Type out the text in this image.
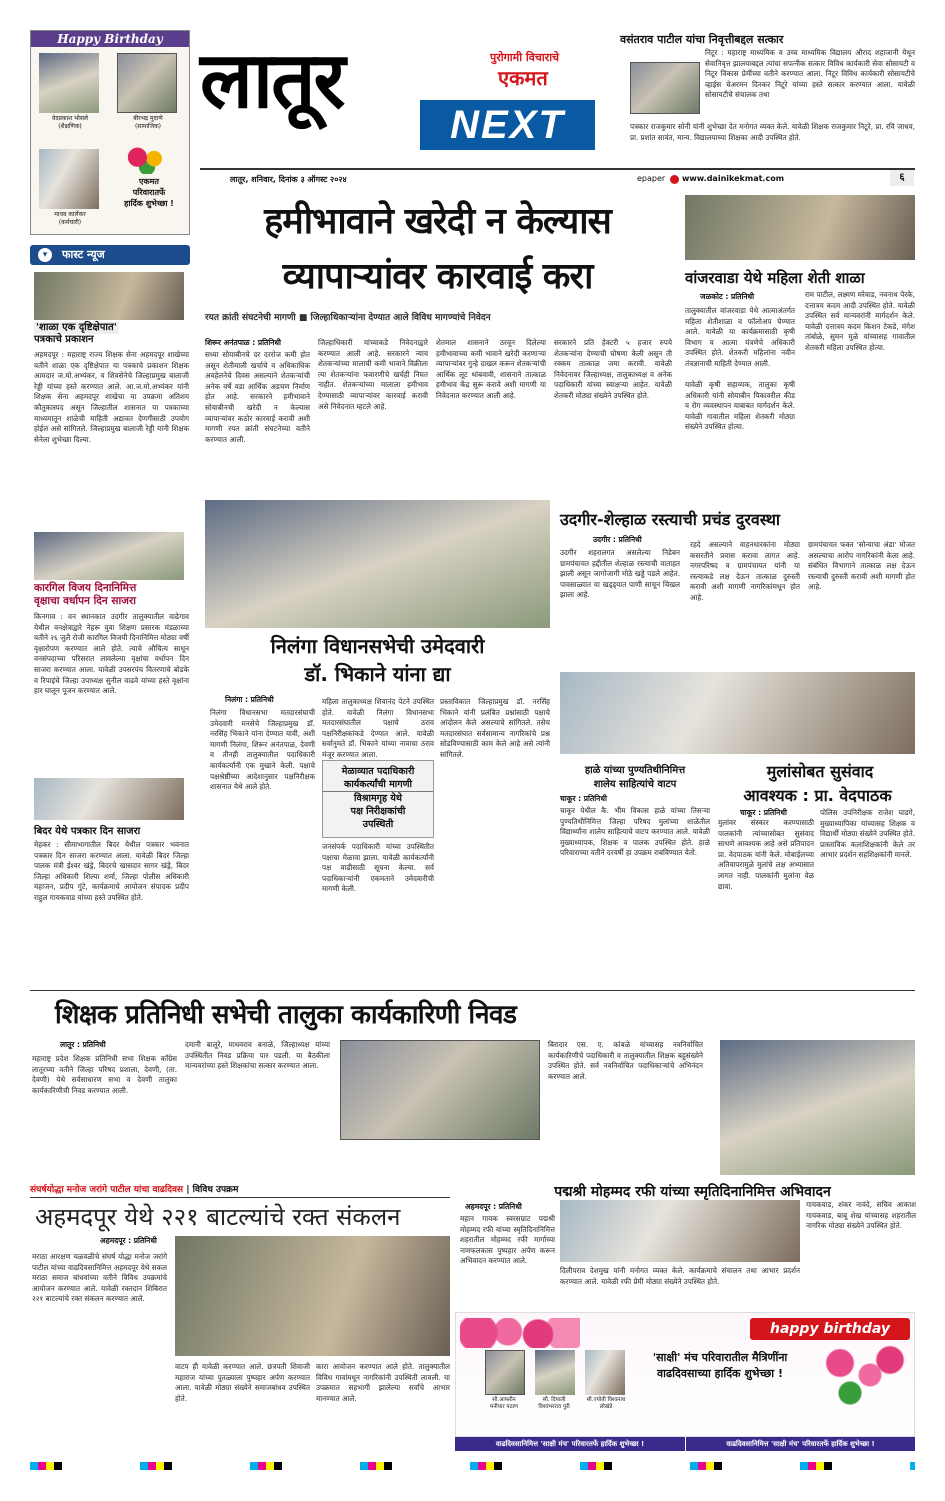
Happy Birthday
वेदप्रकाश भोसले
(शैक्षणिक)
बीरभद्र मुदाणे
(सामाजिक)
माधव कार्लेकर
(कर्मचारी)
एकमत
परिवारातर्फे
हार्दिक शुभेच्छा !
▾	फास्ट न्यूज
'शाळा एक दृष्टिक्षेपात'
पत्रकाचे प्रकाशन
अहमदपूर : महाराष्ट्र राज्य शिक्षक सेना अहमदपूर शाखेच्या वतीने शाळा एक दृष्टिक्षेपात या पत्रकाचे प्रकाशन शिक्षक आमदार ज.मो.अभ्यंकर, व शिवसेनेचे जिल्हाप्रमुख बालाजी रेड्डी यांच्या हस्ते करण्यात आले. आ.ज.मो.अभ्यंकर यांनी शिक्षक सेना अहमदपूर शाखेचा या उपक्रमा अतिशय कौतुकास्पद असून जिल्हातील शासनात या पत्रकाच्या माध्यमातून शाळेची माहिती अद्यावत देणगीसाठी उपयोग होईल असे सांगितले. जिल्हाप्रमुख बालाजी रेड्डी यांनी शिक्षक सेनेला शुभेच्छा दिल्या.
कारगिल विजय दिनानिमित्त
वृक्षाचा वर्धापन दिन साजरा
किनगाव : वन स्थानकात उदगीर तालुक्यातील वाढेगाव येथील वनक्षेत्राद्वारे नेहरू युवा शिक्षण प्रसारक मंडळाच्या वतीने २६ जुलै रोजी कारगिल विजयी दिनानिमित्त मोठ्या वर्षी वृक्षारोपण करण्यात आले होते. त्याचे औचित्य साधून वनसंपदाच्या परिसरात लावलेल्या वृक्षांचा वर्धापन दिन साजरा करण्यात आला. यावेळी उपसरपंच वितरणाचे बोडके व रिपाइंचे जिल्हा उपाध्यक्ष सुनील वाढवे यांच्या हस्ते वृक्षांना हार घालून पूजन करण्यात आले.
बिदर येथे पत्रकार दिन साजरा
मेहकर : सीमाभागातील बिदर येथील पत्रकार भवनात पत्रकार दिन साजरा करण्यात आला. यावेळी बिदर जिल्हा पालक मंत्री ईश्वर खंड्रे, बिदरचे खासदार सागर खंड्रे, बिदर जिल्हा अधिकारी शिल्पा शर्मा, जिल्हा पोलीस अधिकारी महाजन, प्रदीप गुंटे, कार्यक्रमाचे आयोजन संपादक प्रदीप राहुल गायकवाड यांच्या हस्ते उपस्थित होते.
लातूर	पुरोगामी विचाराचे
एकमत
NEXT
लातूर, शनिवार, दिनांक ३ ऑगस्ट २०२४	epaper www.dainikekmat.com	६
वसंतराव पाटील यांचा निवृत्तीबद्दल सत्कार
निटूर : महाराष्ट्र माध्यमिक व उच्च माध्यमिक विद्यालय औराद शहाजानी येथून सेवानिवृत्त झालयाबद्दल त्यांचा सपत्नीक सत्कार विविध कार्यकारी सेवा सोसायटी व निटूर विकास प्रेमींच्या वतीने करण्यात आला. निटूर विविध कार्यकारी सोसायटीचे व्हाईस चेअरमन दिनकर निटूरे यांच्या हस्ते सत्कार करण्यात आला. यावेळी सोसायटीचे संचालक तथा
पत्रकार राजकुमार सोनी यांनी शुभेच्छा देत मनोगत व्यक्त केले. यावेळी शिक्षक राजकुमार निटूरे, प्रा. रवि जाधव, प्रा. प्रशांत सावंत, मान्य. विद्यालयाच्या शिक्षका आदी उपस्थित होते.
हमीभावाने खरेदी न केल्यास
व्यापाऱ्यांवर कारवाई करा
रयत क्रांती संघटनेची मागणी ■ जिल्हाधिकाऱ्यांना देण्यात आले विविध मागण्यांचे निवेदन
शिरूर अनंतपाळ : प्रतिनिधी
सध्या सोयाबीनचे दर दररोज कमी होत असून शेतीमाली खर्चाचे व अधिकाधिक अवहेलनेचे दिवस असल्याने शेतकऱ्यांची अनेक वर्षे वडा आर्थिक अडचण निर्माण होत आहे. सरकारने हमीभावाने सोयाबीनची खरेदी न केल्यास व्यापाऱ्यांवर कठोर कारवाई करावी अशी मागणी रयत क्रांती संघटनेच्या वतीने करण्यात आली.
जिल्हाधिकारी यांच्याकडे निवेदनाद्वारे करण्यात आली आहे. सरकारने न्याय शेतकऱ्यांच्या मालाची कमी भावाने विक्रीला त्या शेतकऱ्यांना फवारणीचे खर्चही निघत नाहीत. शेतकऱ्यांच्या मालाला हमीभाव देण्यासाठी व्यापाऱ्यांवर कारवाई करावी असे निवेदनात म्हटले आहे.
शेतमाल शासनाने ठरवून दिलेल्या हमीभावाच्या कमी भावाने खरेदी करणाऱ्या व्यापाऱ्यांवर गुन्हे दाखल करून शेतकऱ्यांची आर्थिक लूट थांबवावी, शासनाने तात्काळ हमीभाव केंद्र सुरू करावे अशी मागणी या निवेदनात करण्यात आली आहे.
सरकारने प्रति हेक्टरी ५ हजार रुपये शेतकऱ्यांना देण्याची घोषणा केली असून ती रक्कम तात्काळ जमा करावी. यावेळी निवेदनावर जिल्हाध्यक्ष, तालुकाध्यक्ष व अनेक पदाधिकारी यांच्या स्वाक्षऱ्या आहेत. यावेळी शेतकरी मोठ्या संख्येने उपस्थित होते.
वांजरवाडा येथे महिला शेती शाळा
जळकोट : प्रतिनिधी
तालुक्यातील वांजरवाडा येथे आत्माअंतर्गत महिला शेतीशाळा व फॉलोअप घेण्यात आले. यावेळी या कार्यक्रमासाठी कृषी विभाग व आत्मा यंत्रणेचे अधिकारी उपस्थित होते. शेतकरी महिलांना नवीन तंत्रज्ञानाची माहिती देण्यात आली.
यावेळी कृषी सहाय्यक, तालुका कृषी अधिकारी यांनी सोयाबीन पिकावरील कीड व रोग व्यवस्थापन याबाबत मार्गदर्शन केले. यावेळी गावातील महिला शेतकरी मोठ्या संख्येने उपस्थित होत्या.
राम पाटील, लक्ष्मण मरेवाड, नवनाथ पेरके, दत्तात्रय कदम आदी उपस्थित होते. यावेळी उपस्थित सर्व मान्यवरांनी मार्गदर्शन केले. यावेळी दत्तात्रय कदम किशन टेकडे, मंगेश तांबोळे, सुमन मुळे यांच्यासह गावातील शेतकरी महिला उपस्थित होत्या.
निलंगा विधानसभेची उमेदवारी
डॉ. भिकाने यांना द्या
निलंगा : प्रतिनिधी
निलंगा विधानसभा मतदारसंघाची उमेदवारी मनसेचे जिल्हाप्रमुख डॉ. नरसिंह भिकाने यांना देण्यात यावी, अशी मागणी निलंगा, शिरूर अनंतपाळ, देवणी व तीनही तालुक्यातील पदाधिकारी कार्यकर्त्यांनी एक मुखाने केली. पक्षाचे पक्षश्रेष्ठींच्या आदेशानुसार पक्षनिरीक्षक शासनात येथे आले होते.
महिला तालुकाध्यक्ष शिवानंद पेटने उपस्थित होते. यावेळी निलंगा विधानसभा मतदारसंघातील पक्षाचे ठराव पक्षनिरीक्षकांकडे देण्यात आले. यावेळी सर्वानुमते डॉ. भिकाने यांच्या नावाचा ठराव मंजूर करण्यात आला.
मेळाव्यात पदाधिकारी
कार्यकर्त्यांची मागणी
विश्रामगृह येथे
पक्ष निरीक्षकांची
उपस्थिती
जनसंपर्क पदाधिकारी यांच्या उपस्थितीत पक्षाचा मेळावा झाला. यावेळी कार्यकर्त्यांनी पक्ष वाढीसाठी सूचना केल्या. सर्व पदाधिकाऱ्यांनी एकमताने उमेदवारीची मागणी केली.
प्रस्ताविकात जिल्हाप्रमुख डॉ. नरसिंह भिकाने यांनी प्रलंबित प्रश्नांसाठी पक्षाचे आंदोलन केले असल्याचे सांगितले. तसेच मतदारसंघात सर्वसामान्य नागरिकांचे प्रश्न सोडविण्यासाठी काम केले आहे असे त्यांनी सांगितले.
उदगीर-शेल्हाळ रस्त्याची प्रचंड दुरवस्था
उदगीर : प्रतिनिधी
उदगीर शहरालगत असलेल्या निडेबन ग्रामपंचायत हद्दीतील शेल्हाळ रस्त्याची वाताहत झाली असून जागोजागी मोठे खड्डे पडले आहेत. पावसाळ्यात या खड्ड्यात पाणी साचून चिखल झाला आहे.
रहदे असल्याने वाहनधारकांना मोठ्या कसरतीने प्रवास करावा लागत आहे. नगरपरिषद व ग्रामपंचायत यांनी या रस्त्याकडे लक्ष देऊन तात्काळ दुरुस्ती करावी अशी मागणी नागरिकांमधून होत आहे.
ग्रामपंचायत फक्त 'सोन्याचा अंडा' मोजत असल्याचा आरोप नागरिकांनी केला आहे. संबंधित विभागाने तात्काळ लक्ष देऊन रस्त्याची दुरुस्ती करावी अशी मागणी होत आहे.
हाळे यांच्या पुण्यतिथीनिमित्त
शालेय साहित्यांचे वाटप
चाकूर : प्रतिनिधी
चाकूर येथील कै. भीम विकास हाळे यांच्या तिसऱ्या पुण्यतिथीनिमित्त जिल्हा परिषद मुलांच्या शाळेतील विद्यार्थ्यांना शालेय साहित्याचे वाटप करण्यात आले. यावेळी मुख्याध्यापक, शिक्षक व पालक उपस्थित होते. हाळे परिवाराच्या वतीने दरवर्षी हा उपक्रम राबविण्यात येतो.
मुलांसोबत सुसंवाद
आवश्यक : प्रा. वेदपाठक
चाकूर : प्रतिनिधी
मुलांवर संस्कार करण्यासाठी पालकांनी त्यांच्यासोबत सुसंवाद साधणे आवश्यक आहे असे प्रतिपादन प्रा. वेदपाठक यांनी केले. मोबाईलच्या अतिवापरामुळे मुलांचे लक्ष अभ्यासात लागत नाही. पालकांनी मुलांना वेळ द्यावा.
पोलिस उपनिरीक्षक राजेश घाडगे, मुख्याध्यापिका यांच्यासह शिक्षक व विद्यार्थी मोठ्या संख्येने उपस्थित होते. प्रास्ताविक कलाशिक्षकांनी केले तर आभार प्रदर्शन सहशिक्षकांनी मानले.
शिक्षक प्रतिनिधी सभेची तालुका कार्यकारिणी निवड
लातूर : प्रतिनिधी
महाराष्ट्र प्रदेश शिक्षक प्रतिनिधी सभा शिक्षक कॉंग्रेस लातूरच्या वतीने जिल्हा परिषद प्रशाला, देवणी, (ता. देवणी) येथे सर्वसाधारण सभा व देवणी तालुका कार्यकारिणीची निवड करण्यात आली.
दमानी बालूरे, माधवराव बनाळे, जिल्हाध्यक्ष यांच्या उपस्थितीत निवड प्रक्रिया पार पडली. या बैठकीला मान्यवरांच्या हस्ते शिक्षकांचा सत्कार करण्यात आला.
बिरादार एस. ए. कांबळे यांच्यासह नवनिर्वाचित कार्यकारिणीचे पदाधिकारी व तालुक्यातील शिक्षक बहुसंख्येने उपस्थित होते. सर्व नवनिर्वाचित पदाधिकाऱ्यांचे अभिनंदन करण्यात आले.
संघर्षयोद्धा मनोज जरांगे पाटील यांचा वाढदिवस | विविध उपक्रम
अहमदपूर येथे २२१ बाटल्यांचे रक्त संकलन
अहमदपूर : प्रतिनिधी
मराठा आरक्षण चळवळीचे संघर्ष योद्धा मनोज जरांगे पाटील यांच्या वाढदिवसानिमित्त अहमदपूर येथे सकल मराठा समाज बांधवांच्या वतीने विविध उपक्रमांचे आयोजन करण्यात आले. यावेळी रक्तदान शिबिरात २२१ बाटल्यांचे रक्त संकलन करण्यात आले.
वाटप ही यावेळी करण्यात आले. छत्रपती शिवाजी महाराज यांच्या पुतळ्याला पुष्पहार अर्पण करण्यात आला. यावेळी मोठ्या संख्येने समाजबांधव उपस्थित होते.
कारा आयोजन करण्यात आले होते. तालुक्यातील विविध गावांमधून नागरिकांनी उपस्थिती लावली. या उपक्रमात सहभागी झालेल्या सर्वांचे आभार मानण्यात आले.
पद्मश्री मोहम्मद रफी यांच्या स्मृतिदिनानिमित्त अभिवादन
अहमदपूर : प्रतिनिधी
महान गायक स्वरसम्राट पद्मश्री मोहम्मद रफी यांच्या स्मृतिदिनानिमित्त शहरातील मोहम्मद रफी मार्गाच्या नामफलकास पुष्पहार अर्पण करून अभिवादन करण्यात आले.
दिलीपराव देशमुख यांनी मनोगत व्यक्त केले. कार्यक्रमाचे संचालन तथा आभार प्रदर्शन करण्यात आले. यावेळी रफी प्रेमी मोठ्या संख्येने उपस्थित होते.
गायकवाड, शंकर नावंदे, सचिव आकाश गायकवाड, बाबू शेख यांच्यासह शहरातील नागरिक मोठ्या संख्येने उपस्थित होते.
happy birthday
सौ.आफरीन
मनीयार पठाण
सौ. दिपाली
विश्वंभरराव पुरी
सौ.ज्योती विश्वनाथ
लोखंडे
'साक्षी' मंच परिवारातील मैत्रिणींना वाढदिवसाच्या हार्दिक शुभेच्छा !
वाढदिवसानिमित्त 'साक्षी मंच' परिवारतर्फे हार्दिक शुभेच्छा !	वाढदिवसानिमित्त 'साक्षी मंच' परिवारतर्फे हार्दिक शुभेच्छा !
